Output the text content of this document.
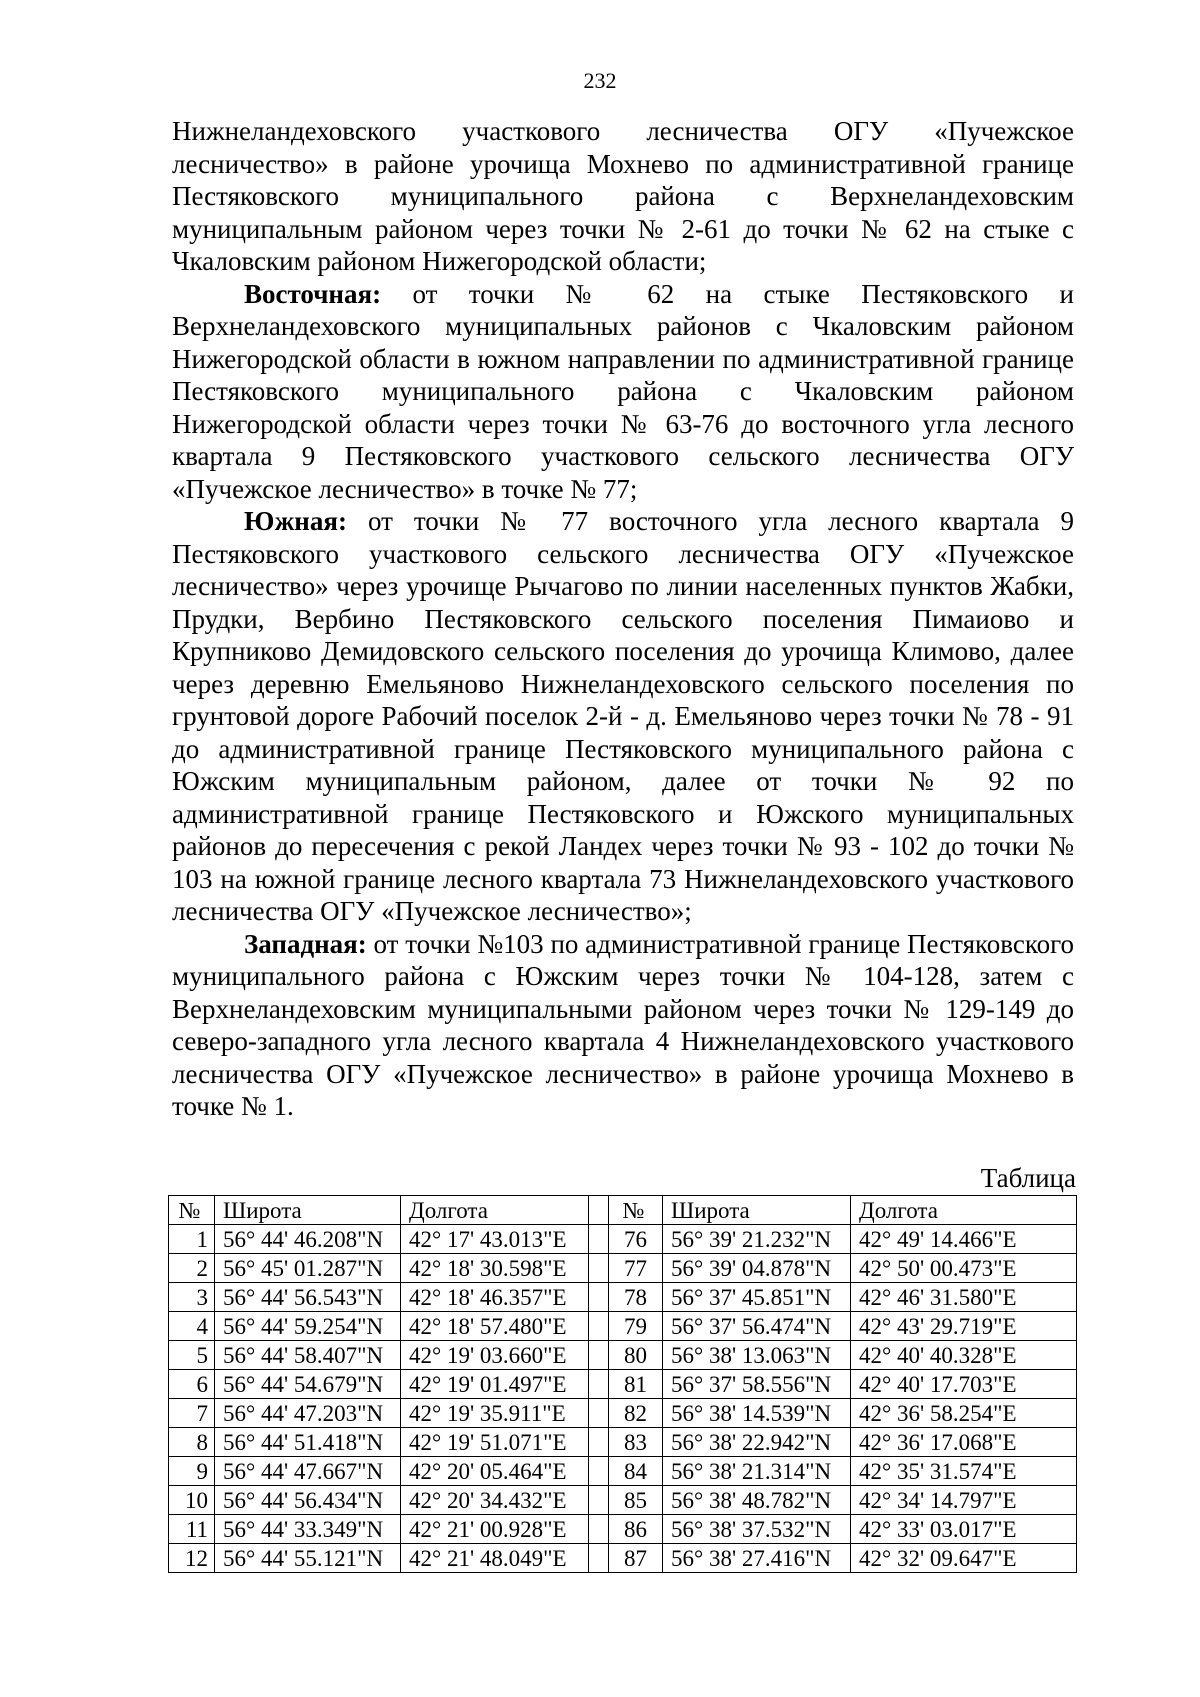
232

Нижнеландеховского участкового лесничества ОГУ «Пучежское лесничество» в районе урочища Мохнево по административной границе Пестяковского муниципального района с Верхнеландеховским муниципальным районом через точки № 2-61 до точки № 62 на стыке с Чкаловским районом Нижегородской области;

Восточная: от точки № 62 на стыке Пестяковского и Верхнеландеховского муниципальных районов с Чкаловским районом Нижегородской области в южном направлении по административной границе Пестяковского муниципального района с Чкаловским районом Нижегородской области через точки № 63-76 до восточного угла лесного квартала 9 Пестяковского участкового сельского лесничества ОГУ «Пучежское лесничество» в точке № 77;

Южная: от точки № 77 восточного угла лесного квартала 9 Пестяковского участкового сельского лесничества ОГУ «Пучежское лесничество» через урочище Рычагово по линии населенных пунктов Жабки, Прудки, Вербино Пестяковского сельского поселения Пимаиово и Крупниково Демидовского сельского поселения до урочища Климово, далее через деревню Емельяново Нижнеландеховского сельского поселения по грунтовой дороге Рабочий поселок 2-й - д. Емельяново через точки № 78 - 91 до административной границе Пестяковского муниципального района с Южским муниципальным районом, далее от точки № 92 по административной границе Пестяковского и Южского муниципальных районов до пересечения с рекой Ландех через точки № 93 - 102 до точки № 103 на южной границе лесного квартала 73 Нижнеландеховского участкового лесничества ОГУ «Пучежское лесничество»;

Западная: от точки №103 по административной границе Пестяковского муниципального района с Южским через точки № 104-128, затем с Верхнеландеховским муниципальными районом через точки № 129-149 до северо-западного угла лесного квартала 4 Нижнеландеховского участкового лесничества ОГУ «Пучежское лесничество» в районе урочища Мохнево в точке № 1.

Таблица
№	Широта	Долгота		№	Широта	Долгота
1	56° 44' 46.208"N	42° 17' 43.013"E		76	56° 39' 21.232"N	42° 49' 14.466"E
2	56° 45' 01.287"N	42° 18' 30.598"E		77	56° 39' 04.878"N	42° 50' 00.473"E
3	56° 44' 56.543"N	42° 18' 46.357"E		78	56° 37' 45.851"N	42° 46' 31.580"E
4	56° 44' 59.254"N	42° 18' 57.480"E		79	56° 37' 56.474"N	42° 43' 29.719"E
5	56° 44' 58.407"N	42° 19' 03.660"E		80	56° 38' 13.063"N	42° 40' 40.328"E
6	56° 44' 54.679"N	42° 19' 01.497"E		81	56° 37' 58.556"N	42° 40' 17.703"E
7	56° 44' 47.203"N	42° 19' 35.911"E		82	56° 38' 14.539"N	42° 36' 58.254"E
8	56° 44' 51.418"N	42° 19' 51.071"E		83	56° 38' 22.942"N	42° 36' 17.068"E
9	56° 44' 47.667"N	42° 20' 05.464"E		84	56° 38' 21.314"N	42° 35' 31.574"E
10	56° 44' 56.434"N	42° 20' 34.432"E		85	56° 38' 48.782"N	42° 34' 14.797"E
11	56° 44' 33.349"N	42° 21' 00.928"E		86	56° 38' 37.532"N	42° 33' 03.017"E
12	56° 44' 55.121"N	42° 21' 48.049"E		87	56° 38' 27.416"N	42° 32' 09.647"E
